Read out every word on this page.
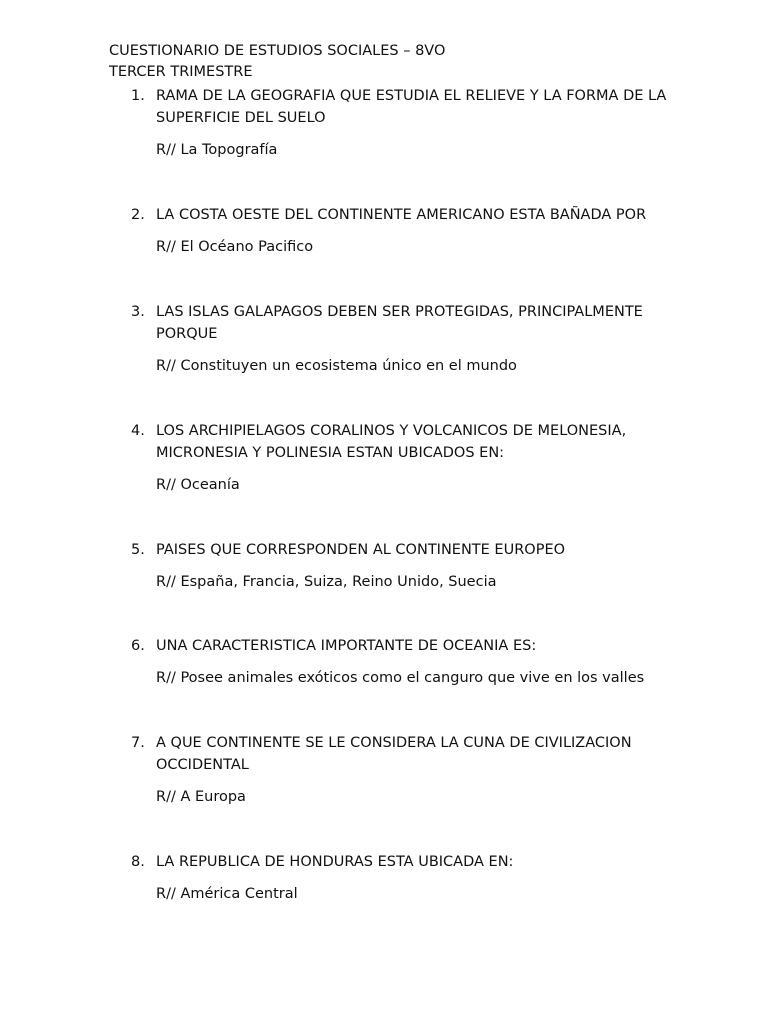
CUESTIONARIO DE ESTUDIOS SOCIALES – 8VO
TERCER TRIMESTRE
1. RAMA DE LA GEOGRAFIA QUE ESTUDIA EL RELIEVE Y LA FORMA DE LA SUPERFICIE DEL SUELO
R// La Topografía
2. LA COSTA OESTE DEL CONTINENTE AMERICANO ESTA BAÑADA POR
R// El Océano Pacifico
3. LAS ISLAS GALAPAGOS DEBEN SER PROTEGIDAS, PRINCIPALMENTE PORQUE
R// Constituyen un ecosistema único en el mundo
4. LOS ARCHIPIELAGOS CORALINOS Y VOLCANICOS DE MELONESIA, MICRONESIA Y POLINESIA ESTAN UBICADOS EN:
R// Oceanía
5. PAISES QUE CORRESPONDEN AL CONTINENTE EUROPEO
R// España, Francia, Suiza, Reino Unido, Suecia
6. UNA CARACTERISTICA IMPORTANTE DE OCEANIA ES:
R// Posee animales exóticos como el canguro que vive en los valles
7. A QUE CONTINENTE SE LE CONSIDERA LA CUNA DE CIVILIZACION OCCIDENTAL
R// A Europa
8. LA REPUBLICA DE HONDURAS ESTA UBICADA EN:
R// América Central
